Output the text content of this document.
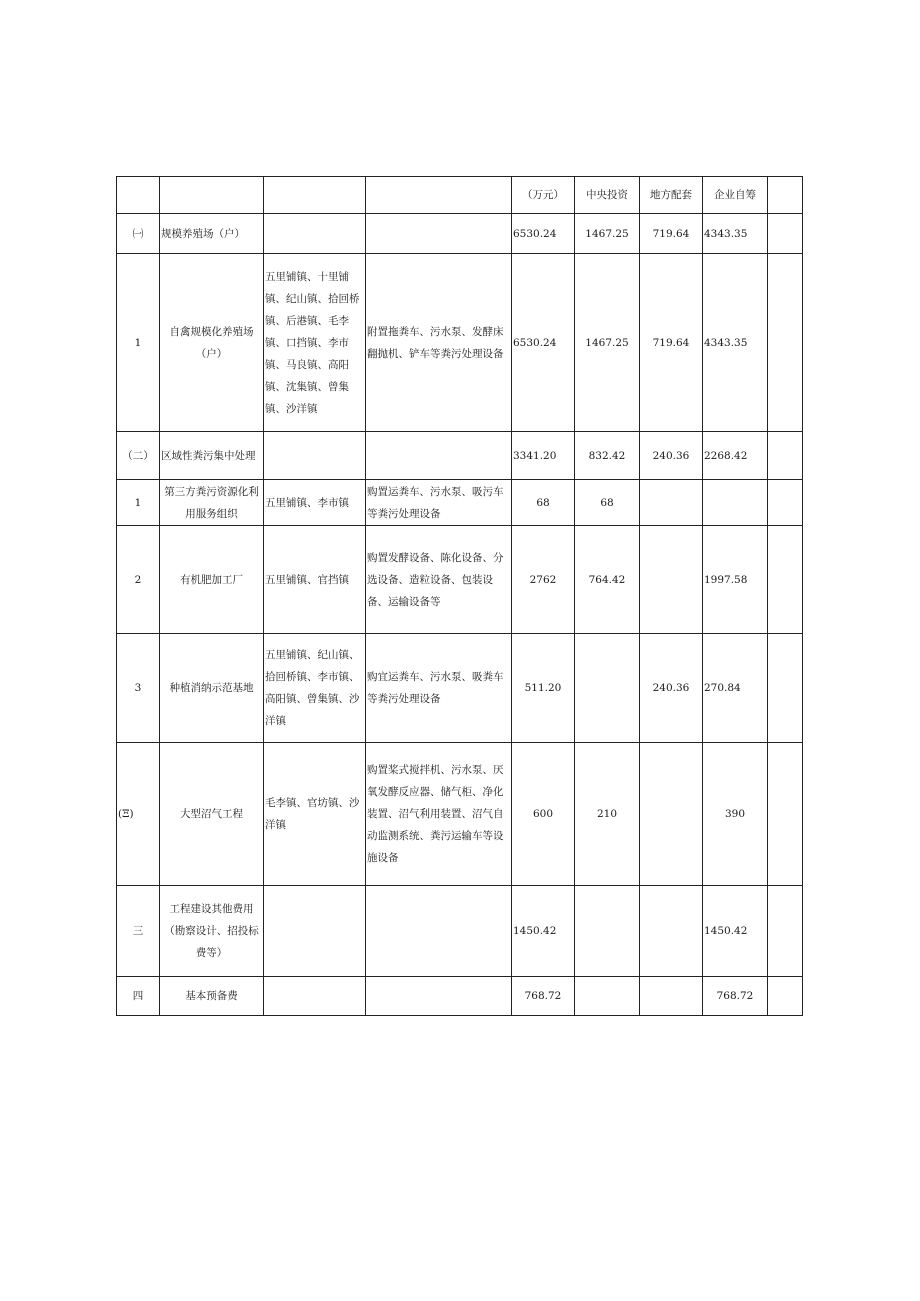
				（万元）	中央投资	地方配套	企业自筹	
㈠	规模养殖场（户）			6530.24	1467.25	719.64	4343.35	
1	自禽规模化养殖场（户）	五里铺镇、十里铺镇、纪山镇、拾回桥镇、后港镇、毛李镇、口挡镇、李市镇、马良镇、高阳镇、沈集镇、曾集镇、沙洋镇	附置拖粪车、污水泵、发酵床翻抛机、铲车等粪污处理设备	6530.24	1467.25	719.64	4343.35	
（二）	区域性粪污集中处理			3341.20	832.42	240.36	2268.42	
1	第三方粪污资源化利用服务组织	五里铺镇、李市镇	购置运粪车、污水泵、吸污车等粪污处理设备	68	68			
2	有机肥加工厂	五里铺镇、官挡镇	购置发酵设备、陈化设备、分选设备、造粒设备、包装设备、运输设备等	2762	764.42		1997.58	
3	种植消纳示范基地	五里铺镇、纪山镇、拾回桥镇、李市镇、高阳镇、曾集镇、沙洋镇	购宜运粪车、污水泵、吸粪车等粪污处理设备	511.20		240.36	270.84	
(Ξ)	大型沼气工程	毛李镇、官坊镇、沙洋镇	购置桨式搅拌机、污水泵、厌氧发酵反应器、储气柜、净化装置、沼气利用装置、沼气自动监测系统、粪污运输车等设施设备	600	210		390	
三	工程建设其他费用（勘察设计、招投标费等）			1450.42			1450.42	
四	基本预备费			768.72			768.72	
